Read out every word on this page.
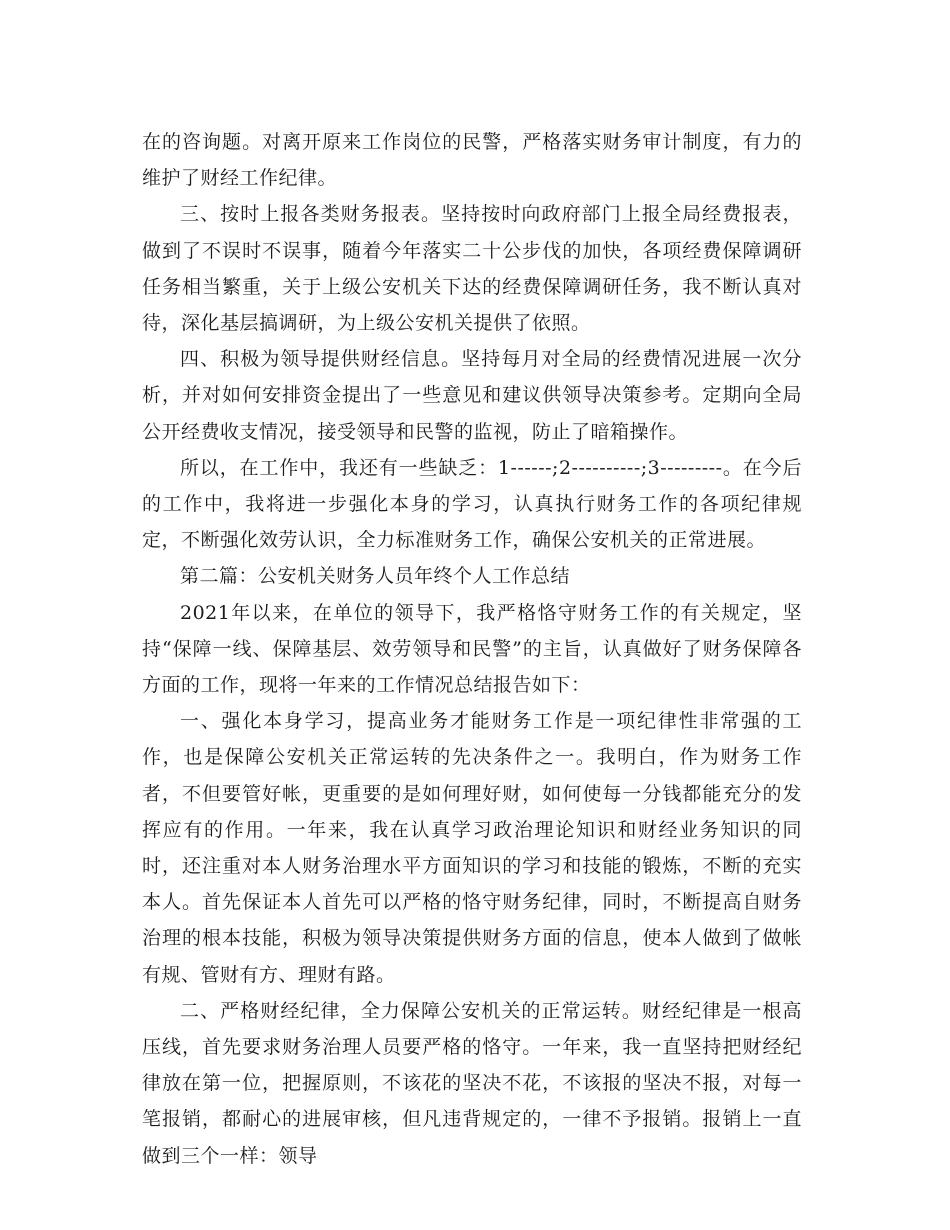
在的咨询题。对离开原来工作岗位的民警，严格落实财务审计制度，有力的维护了财经工作纪律。

三、按时上报各类财务报表。坚持按时向政府部门上报全局经费报表，做到了不误时不误事，随着今年落实二十公步伐的加快，各项经费保障调研任务相当繁重，关于上级公安机关下达的经费保障调研任务，我不断认真对待，深化基层搞调研，为上级公安机关提供了依照。

四、积极为领导提供财经信息。坚持每月对全局的经费情况进展一次分析，并对如何安排资金提出了一些意见和建议供领导决策参考。定期向全局公开经费收支情况，接受领导和民警的监视，防止了暗箱操作。

所以，在工作中，我还有一些缺乏：1------;2----------;3---------。在今后的工作中，我将进一步强化本身的学习，认真执行财务工作的各项纪律规定，不断强化效劳认识，全力标准财务工作，确保公安机关的正常进展。

第二篇：公安机关财务人员年终个人工作总结

2021年以来，在单位的领导下，我严格恪守财务工作的有关规定，坚持“保障一线、保障基层、效劳领导和民警”的主旨，认真做好了财务保障各方面的工作，现将一年来的工作情况总结报告如下：

一、强化本身学习，提高业务才能财务工作是一项纪律性非常强的工作，也是保障公安机关正常运转的先决条件之一。我明白，作为财务工作者，不但要管好帐，更重要的是如何理好财，如何使每一分钱都能充分的发挥应有的作用。一年来，我在认真学习政治理论知识和财经业务知识的同时，还注重对本人财务治理水平方面知识的学习和技能的锻炼，不断的充实本人。首先保证本人首先可以严格的恪守财务纪律，同时，不断提高自财务治理的根本技能，积极为领导决策提供财务方面的信息，使本人做到了做帐有规、管财有方、理财有路。

二、严格财经纪律，全力保障公安机关的正常运转。财经纪律是一根高压线，首先要求财务治理人员要严格的恪守。一年来，我一直坚持把财经纪律放在第一位，把握原则，不该花的坚决不花，不该报的坚决不报，对每一笔报销，都耐心的进展审核，但凡违背规定的，一律不予报销。报销上一直做到三个一样：领导
